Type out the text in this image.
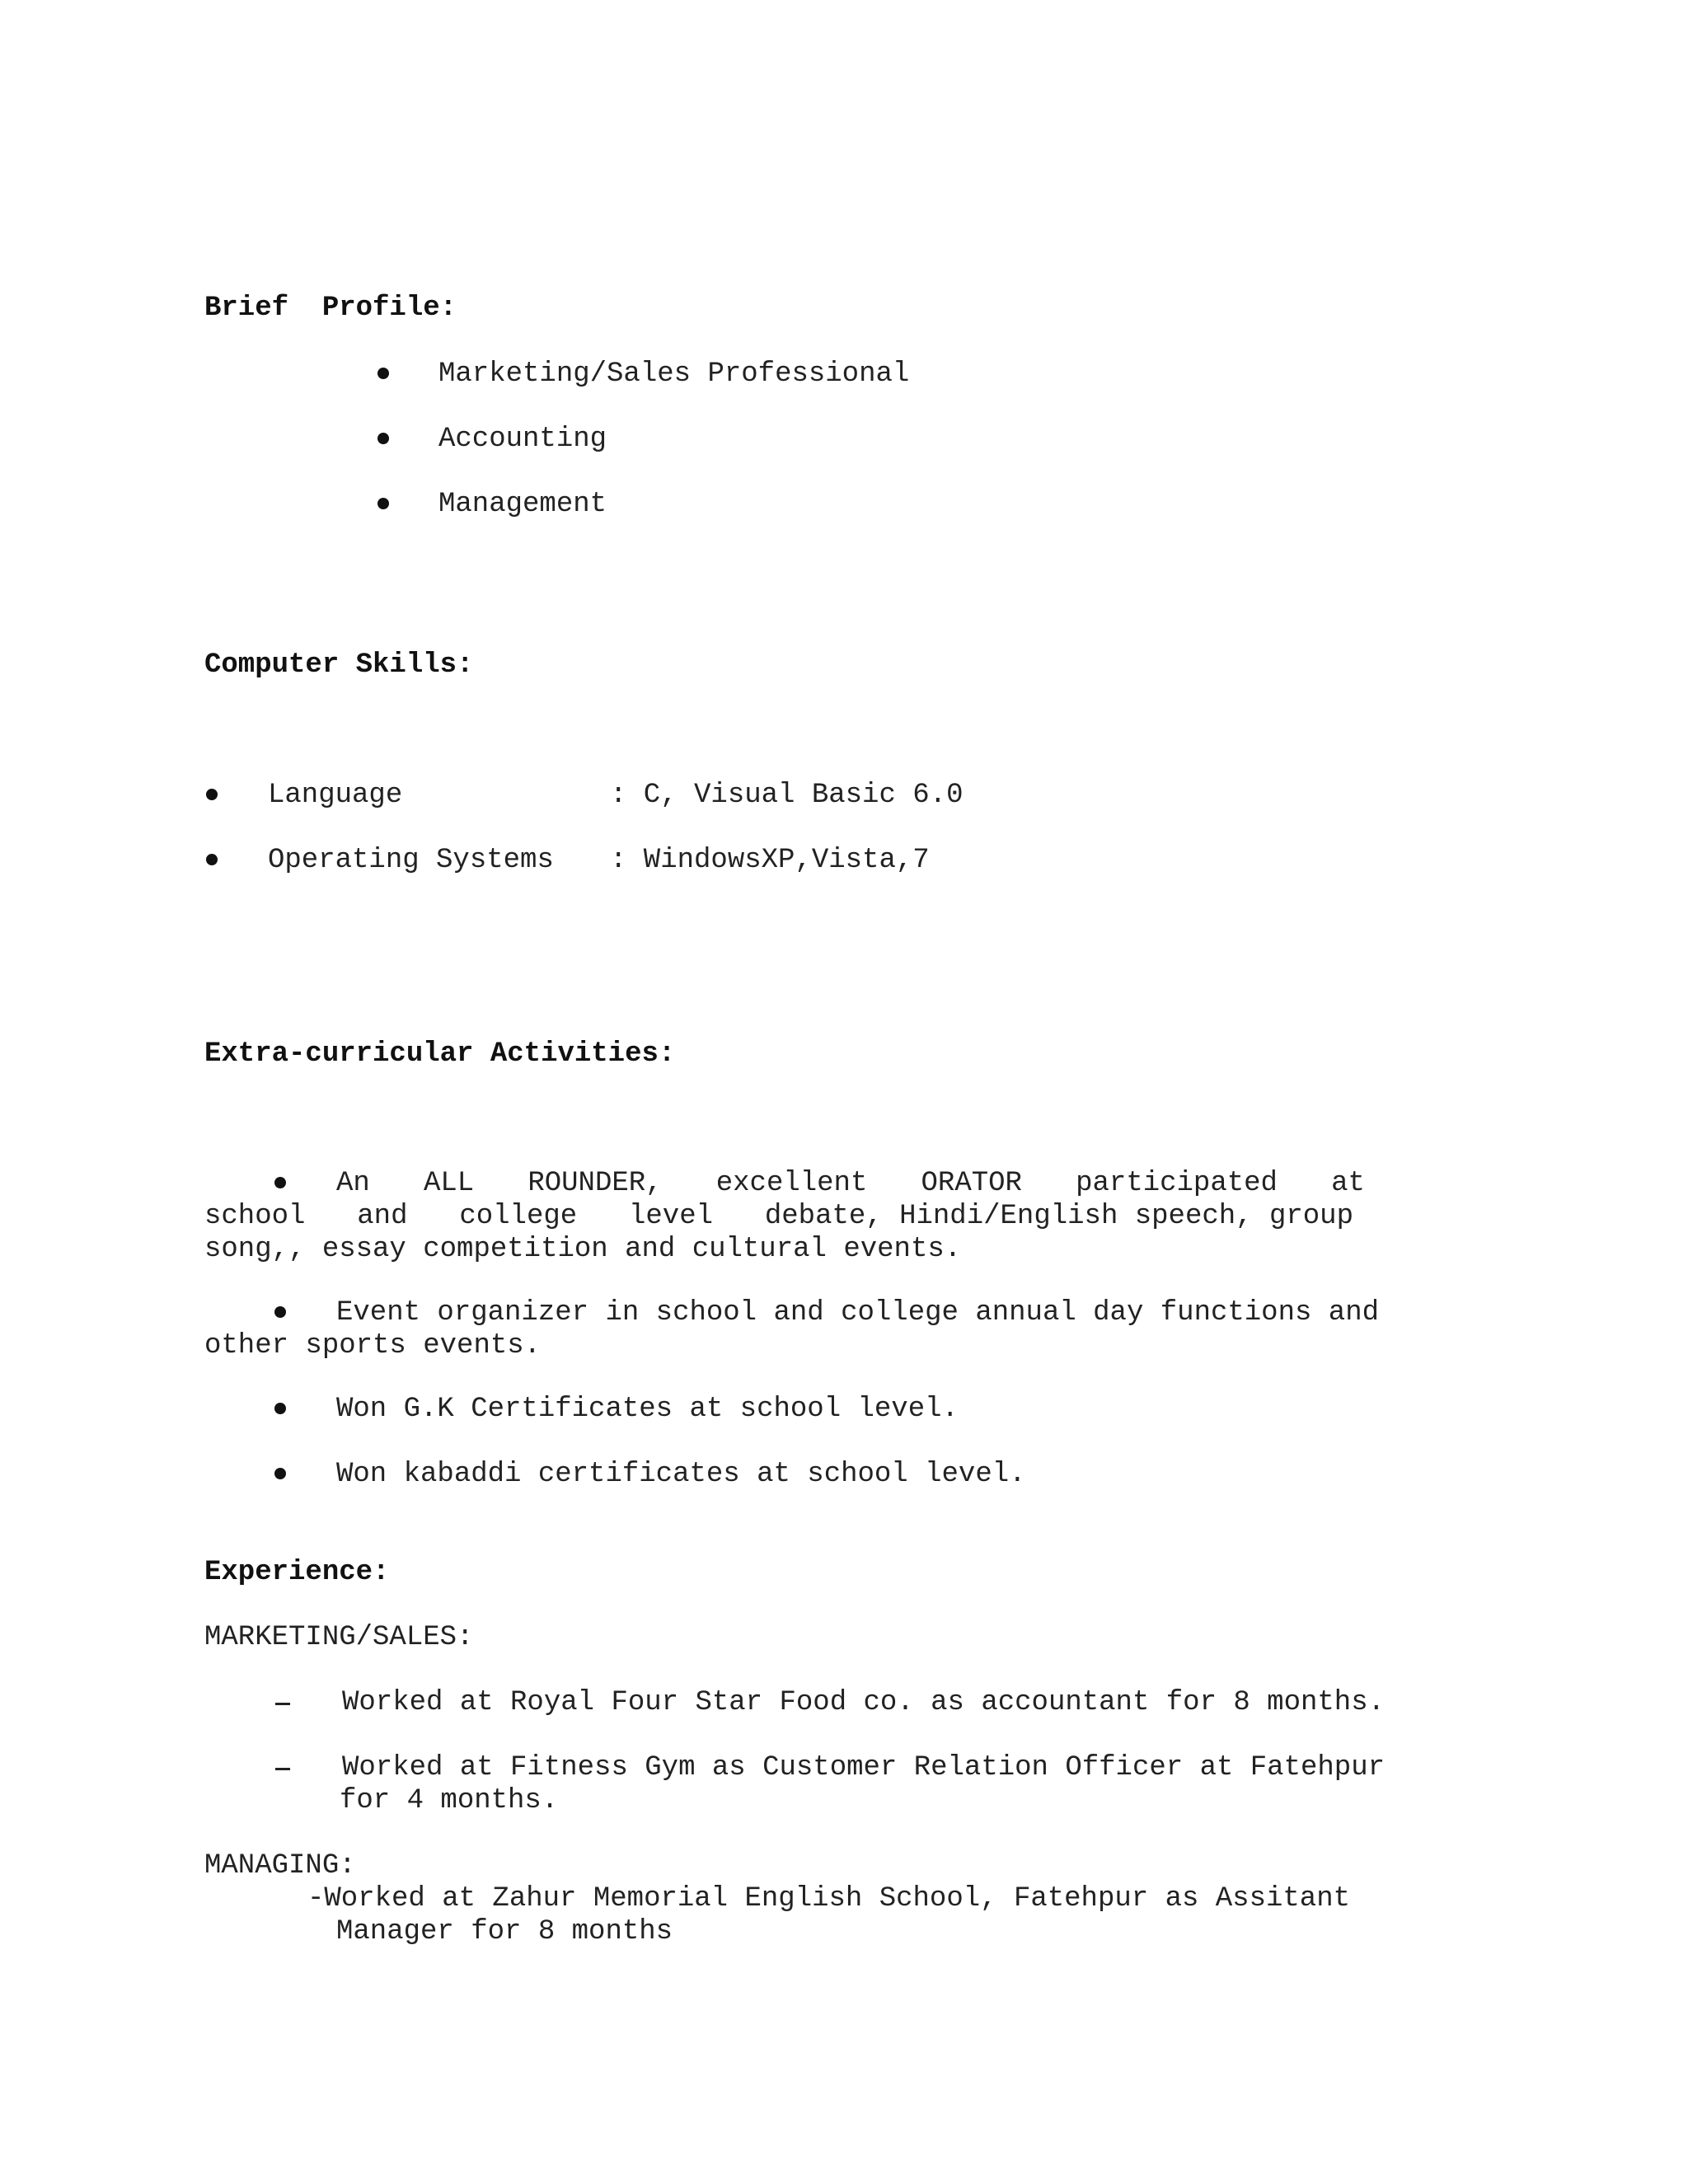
Brief  Profile:
Marketing/Sales Professional
Accounting
Management
Computer Skills:
Language	: C, Visual Basic 6.0
Operating Systems : WindowsXP,Vista,7
Extra-curricular Activities:
An ALL ROUNDER, excellent ORATOR participated at
school and college level debate, Hindi/English speech, group
song,, essay competition and cultural events.
Event organizer in school and college annual day functions and
other sports events.
Won G.K Certificates at school level.
Won kabaddi certificates at school level.
Experience:
MARKETING/SALES:
Worked at Royal Four Star Food co. as accountant for 8 months.
Worked at Fitness Gym as Customer Relation Officer at Fatehpur
for 4 months.
MANAGING:
-Worked at Zahur Memorial English School, Fatehpur as Assitant
Manager for 8 months
